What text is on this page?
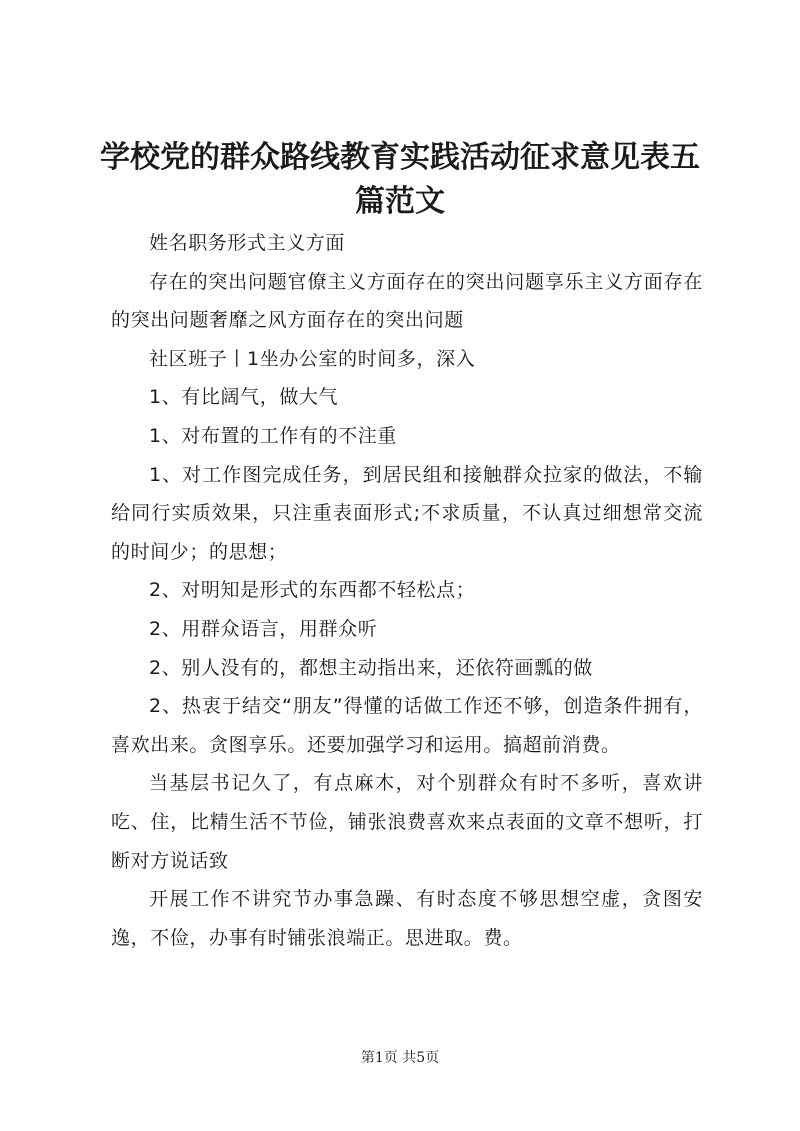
学校党的群众路线教育实践活动征求意见表五篇范文

姓名职务形式主义方面

存在的突出问题官僚主义方面存在的突出问题享乐主义方面存在的突出问题奢靡之风方面存在的突出问题

社区班子丨1坐办公室的时间多，深入

1、有比阔气，做大气

1、对布置的工作有的不注重

1、对工作图完成任务，到居民组和接触群众拉家的做法，不输给同行实质效果，只注重表面形式;不求质量，不认真过细想常交流的时间少；的思想；

2、对明知是形式的东西都不轻松点；

2、用群众语言，用群众听

2、别人没有的，都想主动指出来，还依符画瓢的做

2、热衷于结交“朋友”得懂的话做工作还不够，创造条件拥有，喜欢出来。贪图享乐。还要加强学习和运用。搞超前消费。

当基层书记久了，有点麻木，对个别群众有时不多听，喜欢讲吃、住，比精生活不节俭，铺张浪费喜欢来点表面的文章不想听，打断对方说话致

开展工作不讲究节办事急躁、有时态度不够思想空虚，贪图安逸，不俭，办事有时铺张浪端正。思进取。费。

第1页 共5页
